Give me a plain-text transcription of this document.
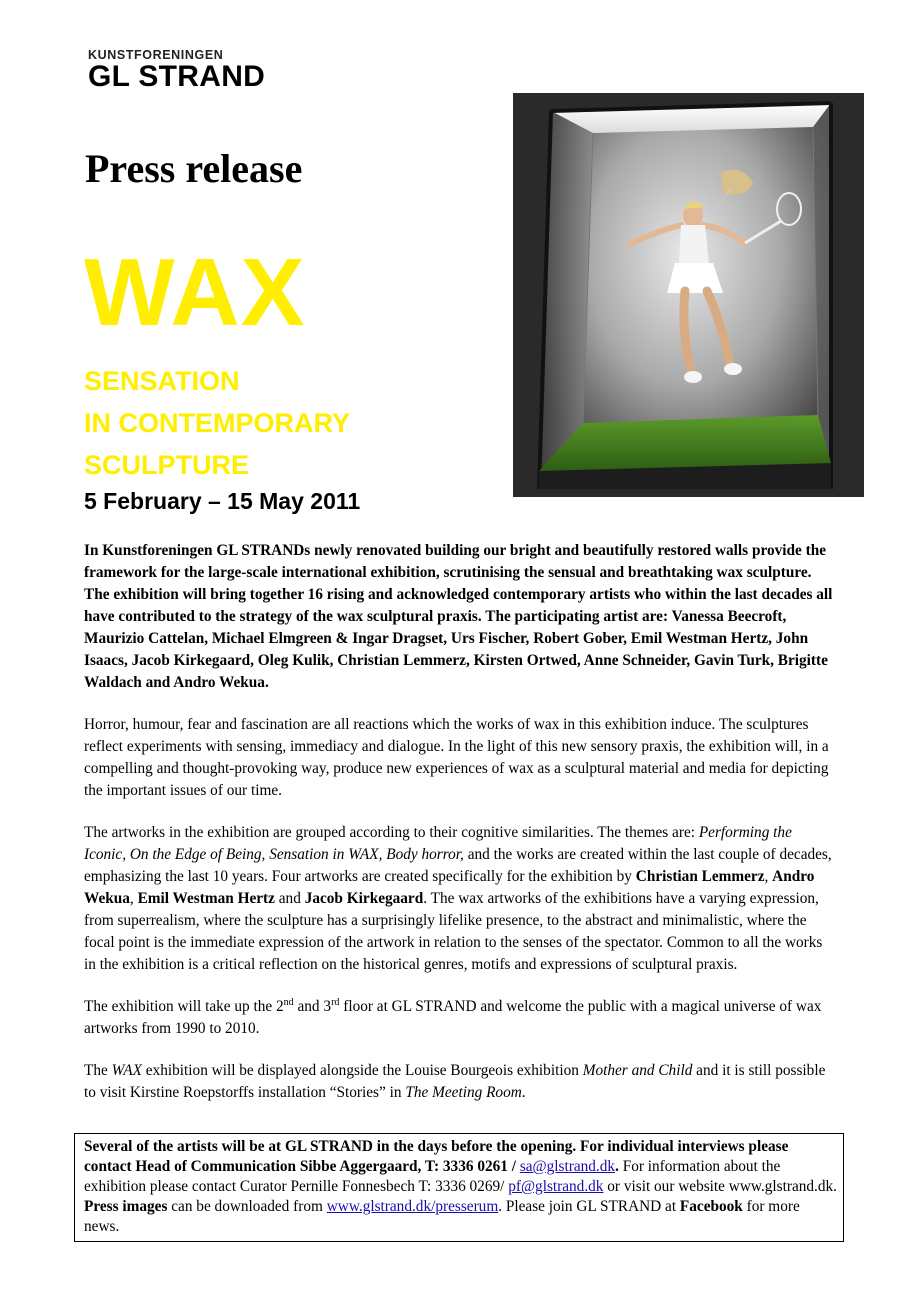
KUNSTFORENINGEN
GL STRAND
Press release
WAX
SENSATION
IN CONTEMPORARY
SCULPTURE
5 February – 15 May 2011

In Kunstforeningen GL STRANDs newly renovated building our bright and beautifully restored walls provide the framework for the large-scale international exhibition, scrutinising the sensual and breathtaking wax sculpture. The exhibition will bring together 16 rising and acknowledged contemporary artists who within the last decades all have contributed to the strategy of the wax sculptural praxis. The participating artist are: Vanessa Beecroft, Maurizio Cattelan, Michael Elmgreen & Ingar Dragset, Urs Fischer, Robert Gober, Emil Westman Hertz, John Isaacs, Jacob Kirkegaard, Oleg Kulik, Christian Lemmerz, Kirsten Ortwed, Anne Schneider, Gavin Turk, Brigitte Waldach and Andro Wekua.

Horror, humour, fear and fascination are all reactions which the works of wax in this exhibition induce. The sculptures reflect experiments with sensing, immediacy and dialogue. In the light of this new sensory praxis, the exhibition will, in a compelling and thought-provoking way, produce new experiences of wax as a sculptural material and media for depicting the important issues of our time.

The artworks in the exhibition are grouped according to their cognitive similarities. The themes are: Performing the Iconic, On the Edge of Being, Sensation in WAX, Body horror, and the works are created within the last couple of decades, emphasizing the last 10 years. Four artworks are created specifically for the exhibition by Christian Lemmerz, Andro Wekua, Emil Westman Hertz and Jacob Kirkegaard. The wax artworks of the exhibitions have a varying expression, from superrealism, where the sculpture has a surprisingly lifelike presence, to the abstract and minimalistic, where the focal point is the immediate expression of the artwork in relation to the senses of the spectator. Common to all the works in the exhibition is a critical reflection on the historical genres, motifs and expressions of sculptural praxis.

The exhibition will take up the 2nd and 3rd floor at GL STRAND and welcome the public with a magical universe of wax artworks from 1990 to 2010.

The WAX exhibition will be displayed alongside the Louise Bourgeois exhibition Mother and Child and it is still possible to visit Kirstine Roepstorffs installation “Stories” in The Meeting Room.

Several of the artists will be at GL STRAND in the days before the opening. For individual interviews please contact Head of Communication Sibbe Aggergaard, T: 3336 0261 / sa@glstrand.dk. For information about the exhibition please contact Curator Pernille Fonnesbech T: 3336 0269/ pf@glstrand.dk or visit our website www.glstrand.dk. Press images can be downloaded from www.glstrand.dk/presserum. Please join GL STRAND at Facebook for more news.
